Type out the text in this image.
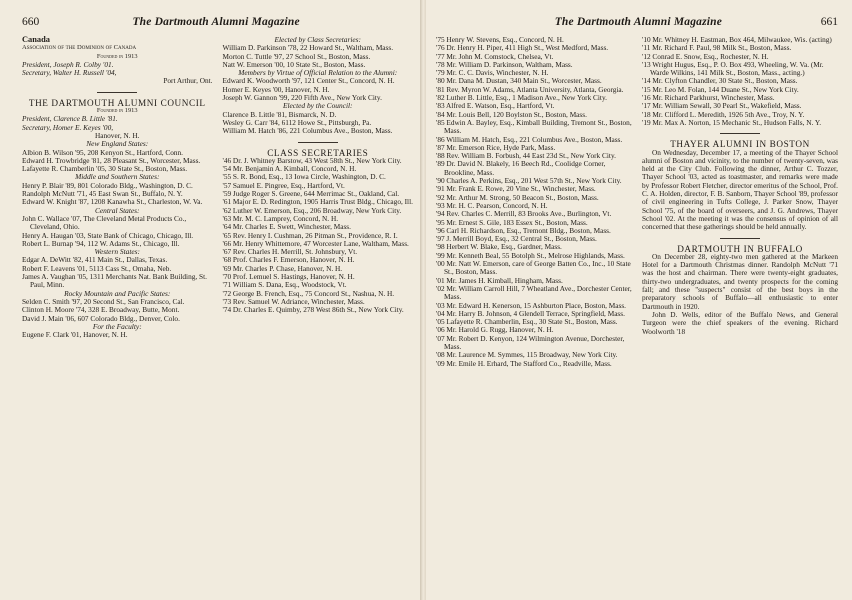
660	The Dartmouth Alumni Magazine

Canada

Association of the Dominion of Canada

Founded in 1913

President, Joseph R. Colby '01.

Secretary, Walter H. Russell '04,

Port Arthur, Ont.

THE DARTMOUTH ALUMNI COUNCIL

Founded in 1913

President, Clarence B. Little '81.

Secretary, Homer E. Keyes '00,

Hanover, N. H.

New England States:

Albion B. Wilson '95, 208 Kenyon St., Hartford, Conn.

Edward H. Trowbridge '81, 28 Pleasant St., Worcester, Mass.

Lafayette R. Chamberlin '05, 30 State St., Boston, Mass.

Middle and Southern States:

Henry P. Blair '89, 801 Colorado Bldg., Washington, D. C.

Randolph McNutt '71, 45 East Swan St., Buffalo, N. Y.

Edward W. Knight '87, 1208 Kanawha St., Charleston, W. Va.

Central States:

John C. Wallace '07, The Cleveland Metal Products Co., Cleveland, Ohio.

Henry A. Haugan '03, State Bank of Chicago, Chicago, Ill.

Robert L. Burnap '94, 112 W. Adams St., Chicago, Ill.

Western States:

Edgar A. DeWitt '82, 411 Main St., Dallas, Texas.

Robert F. Leavens '01, 5113 Cass St., Omaha, Neb.

James A. Vaughan '05, 1311 Merchants Nat. Bank Building, St. Paul, Minn.

Rocky Mountain and Pacific States:

Selden C. Smith '97, 20 Second St., San Francisco, Cal.

Clinton H. Moore '74, 328 E. Broadway, Butte, Mont.

David J. Main '06, 607 Colorado Bldg., Denver, Colo.

For the Faculty:

Eugene F. Clark '01, Hanover, N. H.

Elected by Class Secretaries:

William D. Parkinson '78, 22 Howard St., Waltham, Mass.

Morton C. Tuttle '97, 27 School St., Boston, Mass.

Natt W. Emerson '00, 10 State St., Boston, Mass.

Members by Virtue of Official Relation to the Alumni:

Edward K. Woodworth '97, 121 Center St., Concord, N. H.

Homer E. Keyes '00, Hanover, N. H.

Joseph W. Gannon '99, 220 Fifth Ave., New York City.

Elected by the Council:

Clarence B. Little '81, Bismarck, N. D.

Wesley G. Carr '84, 6112 Howe St., Pittsburgh, Pa.

William M. Hatch '86, 221 Columbus Ave., Boston, Mass.

CLASS SECRETARIES

'46 Dr. J. Whitney Barstow, 43 West 58th St., New York City.

'54 Mr. Benjamin A. Kimball, Concord, N. H.

'55 S. R. Bond, Esq., 13 Iowa Circle, Washington, D. C.

'57 Samuel E. Pingree, Esq., Hartford, Vt.

'59 Judge Roger S. Greene, 644 Merrimac St., Oakland, Cal.

'61 Major E. D. Redington, 1905 Harris Trust Bldg., Chicago, Ill.

'62 Luther W. Emerson, Esq., 206 Broadway, New York City.

'63 Mr. M. C. Lamprey, Concord, N. H.

'64 Mr. Charles E. Swett, Winchester, Mass.

'65 Rev. Henry I. Cushman, 26 Pitman St., Providence, R. I.

'66 Mr. Henry Whittemore, 47 Worcester Lane, Waltham, Mass.

'67 Rev. Charles H. Merrill, St. Johnsbury, Vt.

'68 Prof. Charles F. Emerson, Hanover, N. H.

'69 Mr. Charles P. Chase, Hanover, N. H.

'70 Prof. Lemuel S. Hastings, Hanover, N. H.

'71 William S. Dana, Esq., Woodstock, Vt.

'72 George B. French, Esq., 75 Concord St., Nashua, N. H.

'73 Rev. Samuel W. Adriance, Winchester, Mass.

'74 Dr. Charles E. Quimby, 278 West 86th St., New York City.

The Dartmouth Alumni Magazine	661

'75 Henry W. Stevens, Esq., Concord, N. H.

'76 Dr. Henry H. Piper, 411 High St., West Medford, Mass.

'77 Mr. John M. Comstock, Chelsea, Vt.

'78 Mr. William D. Parkinson, Waltham, Mass.

'79 Mr. C. C. Davis, Winchester, N. H.

'80 Mr. Dana M. Dustan, 340 Main St., Worcester, Mass.

'81 Rev. Myron W. Adams, Atlanta University, Atlanta, Georgia.

'82 Luther B. Little, Esq., 1 Madison Ave., New York City.

'83 Alfred E. Watson, Esq., Hartford, Vt.

'84 Mr. Louis Bell, 120 Boylston St., Boston, Mass.

'85 Edwin A. Bayley, Esq., Kimball Building, Tremont St., Boston, Mass.

'86 William M. Hatch, Esq., 221 Columbus Ave., Boston, Mass.

'87 Mr. Emerson Rice, Hyde Park, Mass.

'88 Rev. William B. Forbush, 44 East 23d St., New York City.

'89 Dr. David N. Blakely, 16 Beech Rd., Coolidge Corner, Brookline, Mass.

'90 Charles A. Perkins, Esq., 201 West 57th St., New York City.

'91 Mr. Frank E. Rowe, 20 Vine St., Winchester, Mass.

'92 Mr. Arthur M. Strong, 50 Beacon St., Boston, Mass.

'93 Mr. H. C. Pearson, Concord, N. H.

'94 Rev. Charles C. Merrill, 83 Brooks Ave., Burlington, Vt.

'95 Mr. Ernest S. Gile, 183 Essex St., Boston, Mass.

'96 Carl H. Richardson, Esq., Tremont Bldg., Boston, Mass.

'97 J. Merrill Boyd, Esq., 32 Central St., Boston, Mass.

'98 Herbert W. Blake, Esq., Gardner, Mass.

'99 Mr. Kenneth Beal, 55 Botolph St., Melrose Highlands, Mass.

'00 Mr. Natt W. Emerson, care of George Batten Co., Inc., 10 State St., Boston, Mass.

'01 Mr. James H. Kimball, Hingham, Mass.

'02 Mr. William Carroll Hill, 7 Wheatland Ave., Dorchester Center, Mass.

'03 Mr. Edward H. Kenerson, 15 Ashburton Place, Boston, Mass.

'04 Mr. Harry B. Johnson, 4 Glendell Terrace, Springfield, Mass.

'05 Lafayette R. Chamberlin, Esq., 30 State St., Boston, Mass.

'06 Mr. Harold G. Rugg, Hanover, N. H.

'07 Mr. Robert D. Kenyon, 124 Wilmington Avenue, Dorchester, Mass.

'08 Mr. Laurence M. Symmes, 115 Broadway, New York City.

'09 Mr. Emile H. Erhard, The Stafford Co., Readville, Mass.

'10 Mr. Whitney H. Eastman, Box 464, Milwaukee, Wis. (acting)

'11 Mr. Richard F. Paul, 98 Milk St., Boston, Mass.

'12 Conrad E. Snow, Esq., Rochester, N. H.

'13 Wright Hugus, Esq., P. O. Box 493, Wheeling, W. Va. (Mr. Warde Wilkins, 141 Milk St., Boston, Mass., acting.)

'14 Mr. Clyfton Chandler, 30 State St., Boston, Mass.

'15 Mr. Leo M. Folan, 144 Duane St., New York City.

'16 Mr. Richard Parkhurst, Winchester, Mass.

'17 Mr. William Sewall, 30 Pearl St., Wakefield, Mass.

'18 Mr. Clifford L. Meredith, 1926 5th Ave., Troy, N. Y.

'19 Mr. Max A. Norton, 15 Mechanic St., Hudson Falls, N. Y.

THAYER ALUMNI IN BOSTON

On Wednesday, December 17, a meeting of the Thayer School alumni of Boston and vicinity, to the number of twenty-seven, was held at the City Club. Following the dinner, Arthur C. Tozzer, Thayer School '03, acted as toastmaster, and remarks were made by Professor Robert Fletcher, director emeritus of the School, Prof. C. A. Holden, director, F. B. Sanborn, Thayer School '89, professor of civil engineering in Tufts College, J. Parker Snow, Thayer School '75, of the board of overseers, and J. G. Andrews, Thayer School '02. At the meeting it was the consensus of opinion of all concerned that these gatherings should be held annually.

DARTMOUTH IN BUFFALO

On December 28, eighty-two men gathered at the Markeen Hotel for a Dartmouth Christmas dinner. Randolph McNutt '71 was the host and chairman. There were twenty-eight graduates, thirty-two undergraduates, and twenty prospects for the coming fall; and these "suspects" consist of the best boys in the preparatory schools of Buffalo—all enthusiastic to enter Dartmouth in 1920.

John D. Wells, editor of the Buffalo News, and General Turgeon were the chief speakers of the evening. Richard Woolworth '18
